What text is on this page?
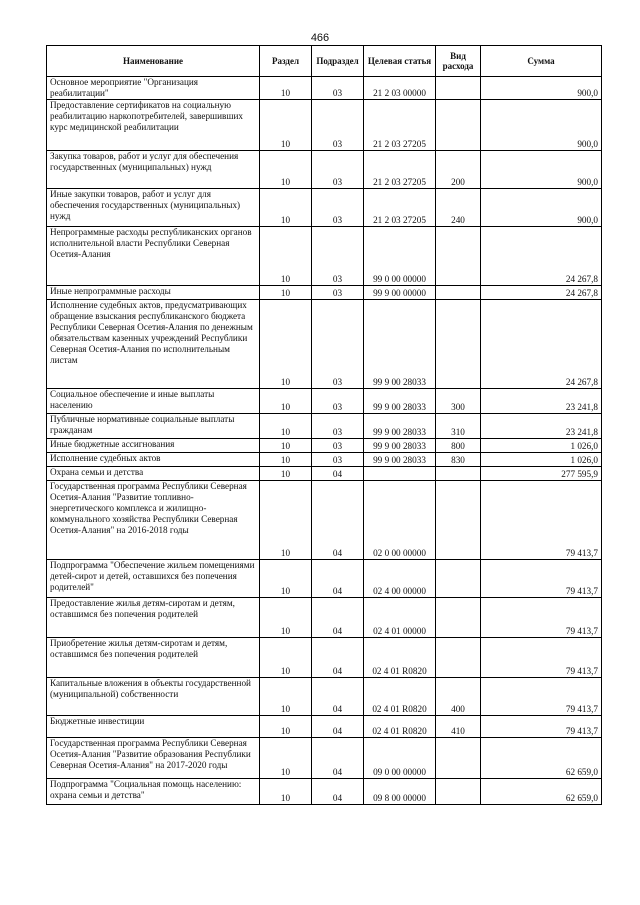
466
Наименование	Раздел	Подраздел	Целевая статья	Вид расхода	Сумма
Основное мероприятие "Организация реабилитации"	10	03	21 2 03 00000		900,0
Предоставление сертификатов на социальную реабилитацию наркопотребителей, завершивших курс медицинской реабилитации	10	03	21 2 03 27205		900,0
Закупка товаров, работ и услуг для обеспечения государственных (муниципальных) нужд	10	03	21 2 03 27205	200	900,0
Иные закупки товаров, работ и услуг для обеспечения государственных (муниципальных) нужд	10	03	21 2 03 27205	240	900,0
Непрограммные расходы республиканских органов исполнительной власти Республики Северная Осетия-Алания	10	03	99 0 00 00000		24 267,8
Иные непрограммные расходы	10	03	99 9 00 00000		24 267,8
Исполнение судебных актов, предусматривающих обращение взыскания республиканского бюджета Республики Северная Осетия-Алания по денежным обязательствам казенных учреждений Республики Северная Осетия-Алания по исполнительным листам	10	03	99 9 00 28033		24 267,8
Социальное обеспечение и иные выплаты населению	10	03	99 9 00 28033	300	23 241,8
Публичные нормативные социальные выплаты гражданам	10	03	99 9 00 28033	310	23 241,8
Иные бюджетные ассигнования	10	03	99 9 00 28033	800	1 026,0
Исполнение судебных актов	10	03	99 9 00 28033	830	1 026,0
Охрана семьи и детства	10	04			277 595,9
Государственная программа Республики Северная Осетия-Алания "Развитие топливно-энергетического комплекса и жилищно-коммунального хозяйства Республики Северная Осетия-Алания" на 2016-2018 годы	10	04	02 0 00 00000		79 413,7
Подпрограмма "Обеспечение жильем помещениями детей-сирот и детей, оставшихся без попечения родителей"	10	04	02 4 00 00000		79 413,7
Предоставление жилья детям-сиротам и детям, оставшимся без попечения родителей	10	04	02 4 01 00000		79 413,7
Приобретение жилья детям-сиротам и детям, оставшимся без попечения родителей	10	04	02 4 01 R0820		79 413,7
Капитальные вложения в объекты государственной (муниципальной) собственности	10	04	02 4 01 R0820	400	79 413,7
Бюджетные инвестиции	10	04	02 4 01 R0820	410	79 413,7
Государственная программа Республики Северная Осетия-Алания "Развитие образования Республики Северная Осетия-Алания" на 2017-2020 годы	10	04	09 0 00 00000		62 659,0
Подпрограмма "Социальная помощь населению: охрана семьи и детства"	10	04	09 8 00 00000		62 659,0
